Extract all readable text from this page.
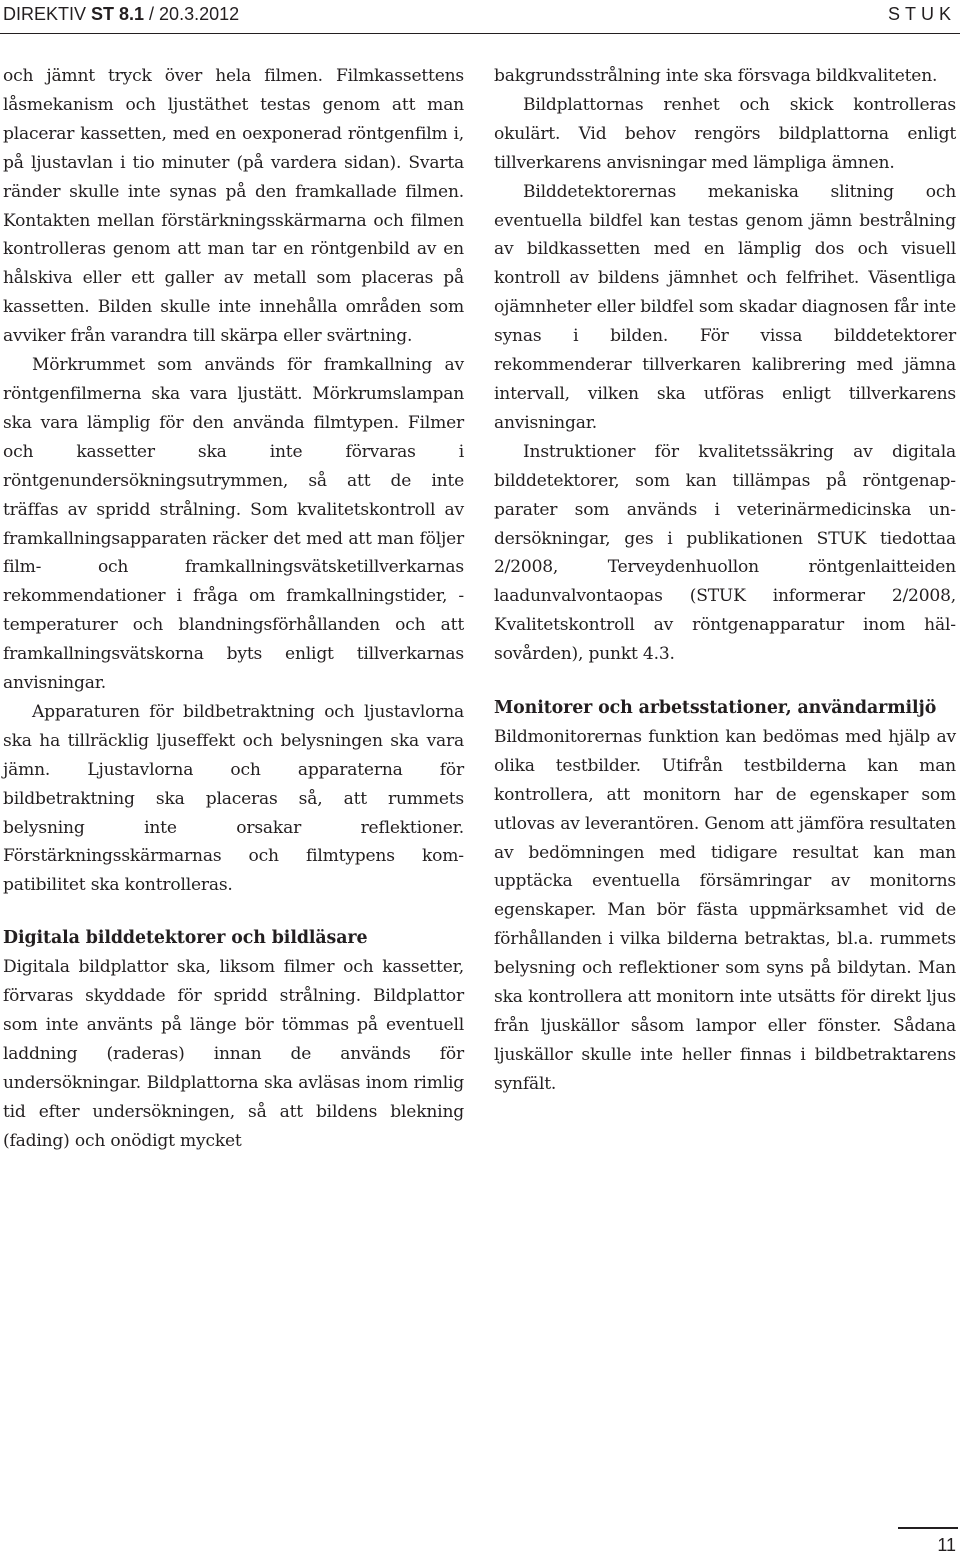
DIREKTIV ST 8.1 / 20.3.2012	STUK

och jämnt tryck över hela filmen. Filmkassettens låsmekanism och ljustäthet testas genom att man placerar kassetten, med en oexponerad röntgenfilm i, på ljustavlan i tio minuter (på vardera sidan). Svarta ränder skulle inte synas på den framkallade filmen. Kontakten mellan förstärkningsskärmarna och filmen kontrolleras genom att man tar en röntgenbild av en hålskiva eller ett galler av metall som placeras på kassetten. Bilden skulle inte innehålla områden som avviker från varandra till skärpa eller svärtning.

Mörkrummet som används för framkallning av röntgenfilmerna ska vara ljustätt. Mörkrumslampan ska vara lämplig för den använda filmtypen. Filmer och kassetter ska inte förvaras i röntgenundersökningsutrymmen, så att de inte träffas av spridd strålning. Som kvalitetskontroll av framkallningsapparaten räcker det med att man följer film- och framkallningsvätsketillverkarnas rekommendationer i fråga om framkallningstider, -temperaturer och blandningsförhållanden och att framkallningsvätskorna byts enligt tillverkarnas anvisningar.

Apparaturen för bildbetraktning och ljustavlorna ska ha tillräcklig ljuseffekt och belysningen ska vara jämn. Ljustavlorna och apparaterna för bildbetraktning ska placeras så, att rummets belysning inte orsakar reflektioner. Förstärkningsskärmarnas och filmtypens kompatibilitet ska kontrolleras.

Digitala bilddetektorer och bildläsare

Digitala bildplattor ska, liksom filmer och kassetter, förvaras skyddade för spridd strålning. Bildplattor som inte använts på länge bör tömmas på eventuell laddning (raderas) innan de används för undersökningar. Bildplattorna ska avläsas inom rimlig tid efter undersökningen, så att bildens blekning (fading) och onödigt mycket

bakgrundsstrålning inte ska försvaga bildkvaliteten.

Bildplattornas renhet och skick kontrolleras okulärt. Vid behov rengörs bildplattorna enligt tillverkarens anvisningar med lämpliga ämnen.

Bilddetektorernas mekaniska slitning och eventuella bildfel kan testas genom jämn bestrålning av bildkassetten med en lämplig dos och visuell kontroll av bildens jämnhet och felfrihet. Väsentliga ojämnheter eller bildfel som skadar diagnosen får inte synas i bilden. För vissa bilddetektorer rekommenderar tillverkaren kalibrering med jämna intervall, vilken ska utföras enligt tillverkarens anvisningar.

Instruktioner för kvalitetssäkring av digitala bilddetektorer, som kan tillämpas på röntgenapparater som används i veterinärmedicinska undersökningar, ges i publikationen STUK tiedottaa 2/2008, Terveydenhuollon röntgenlaitteiden laadunvalvontaopas (STUK informerar 2/2008, Kvalitetskontroll av röntgenapparatur inom hälsovården), punkt 4.3.

Monitorer och arbetsstationer, användarmiljö

Bildmonitorernas funktion kan bedömas med hjälp av olika testbilder. Utifrån testbilderna kan man kontrollera, att monitorn har de egenskaper som utlovas av leverantören. Genom att jämföra resultaten av bedömningen med tidigare resultat kan man upptäcka eventuella försämringar av monitorns egenskaper. Man bör fästa uppmärksamhet vid de förhållanden i vilka bilderna betraktas, bl.a. rummets belysning och reflektioner som syns på bildytan. Man ska kontrollera att monitorn inte utsätts för direkt ljus från ljuskällor såsom lampor eller fönster. Sådana ljuskällor skulle inte heller finnas i bildbetraktarens synfält.

11
